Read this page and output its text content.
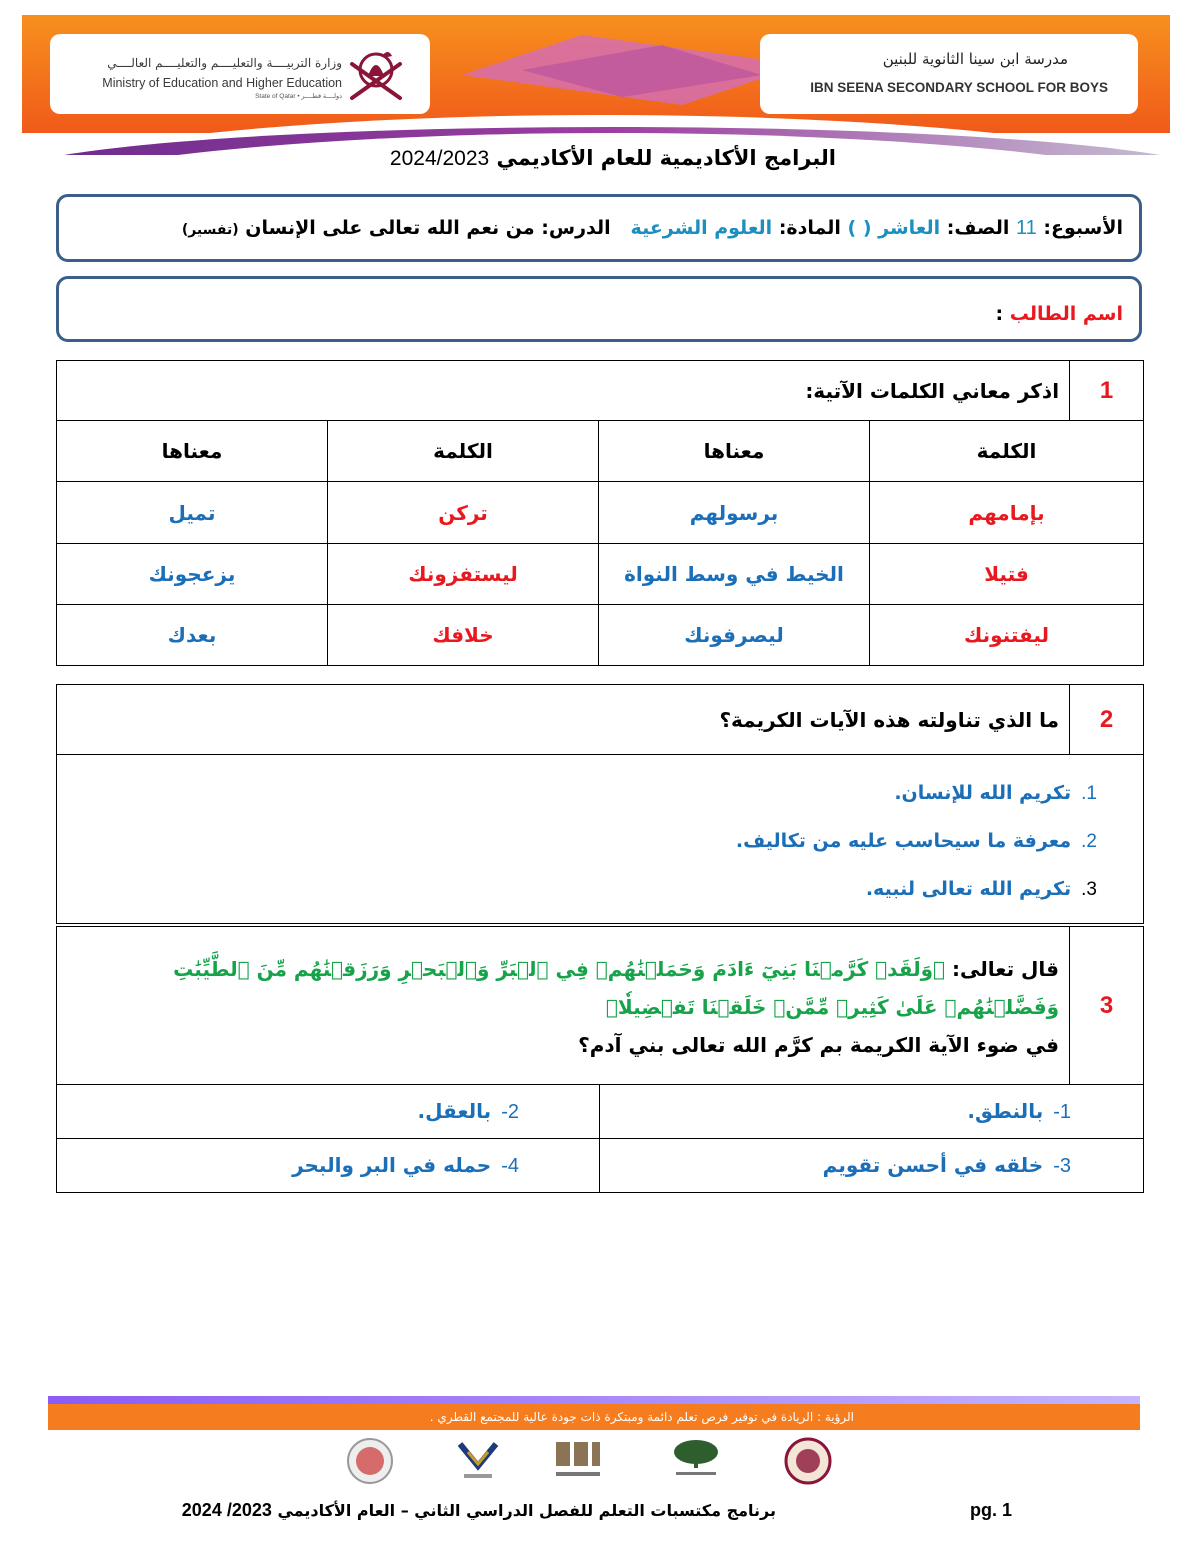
وزارة التربيــــة والتعليــــم والتعليــــم العالــــي
Ministry of Education and Higher Education
State of Qatar • دولــــة قطــــر
مدرسة ابن سينا الثانوية للبنين
IBN SEENA SECONDARY SCHOOL FOR BOYS
البرامج الأكاديمية للعام الأكاديمي 2024/2023
الأسبوع: 11 الصف: العاشر ( ) المادة: العلوم الشرعية   الدرس: من نعم الله تعالى على الإنسان (تفسير)
اسم الطالب :
اذكر معاني الكلمات الآتية:				1
معناها	الكلمة	معناها	الكلمة	
تميل	تركن	برسولهم	بإمامهم	
يزعجونك	ليستفزونك	الخيط في وسط النواة	فتيلا	
بعدك	خلافك	ليصرفونك	ليفتنونك	
ما الذي تناولته هذه الآيات الكريمة؟	2

1.تكريم الله للإنسان.
2.معرفة ما سيحاسب عليه من تكاليف.
3.تكريم الله تعالى لنبيه.
قال تعالى: ﴿وَلَقَدۡ كَرَّمۡنَا بَنِيٓ ءَادَمَ وَحَمَلۡنَٰهُمۡ فِي ٱلۡبَرِّ وَٱلۡبَحۡرِ وَرَزَقۡنَٰهُم مِّنَ ٱلطَّيِّبَٰتِ وَفَضَّلۡنَٰهُمۡ عَلَىٰ كَثِيرٖ مِّمَّنۡ خَلَقۡنَا تَفۡضِيلٗا﴾
في ضوء الآية الكريمة بم كرَّم الله تعالى بني آدم؟		3
2-بالعقل.	1-بالنطق.	
4-حمله في البر والبحر	3-خلقه في أحسن تقويم	
الرؤية : الريادة في توفير فرص تعلم دائمة ومبتكرة ذات جودة عالية للمجتمع القطري .
برنامج مكتسبات التعلم للفصل الدراسي الثاني – العام الأكاديمي 2023/ 2024	pg. 1
